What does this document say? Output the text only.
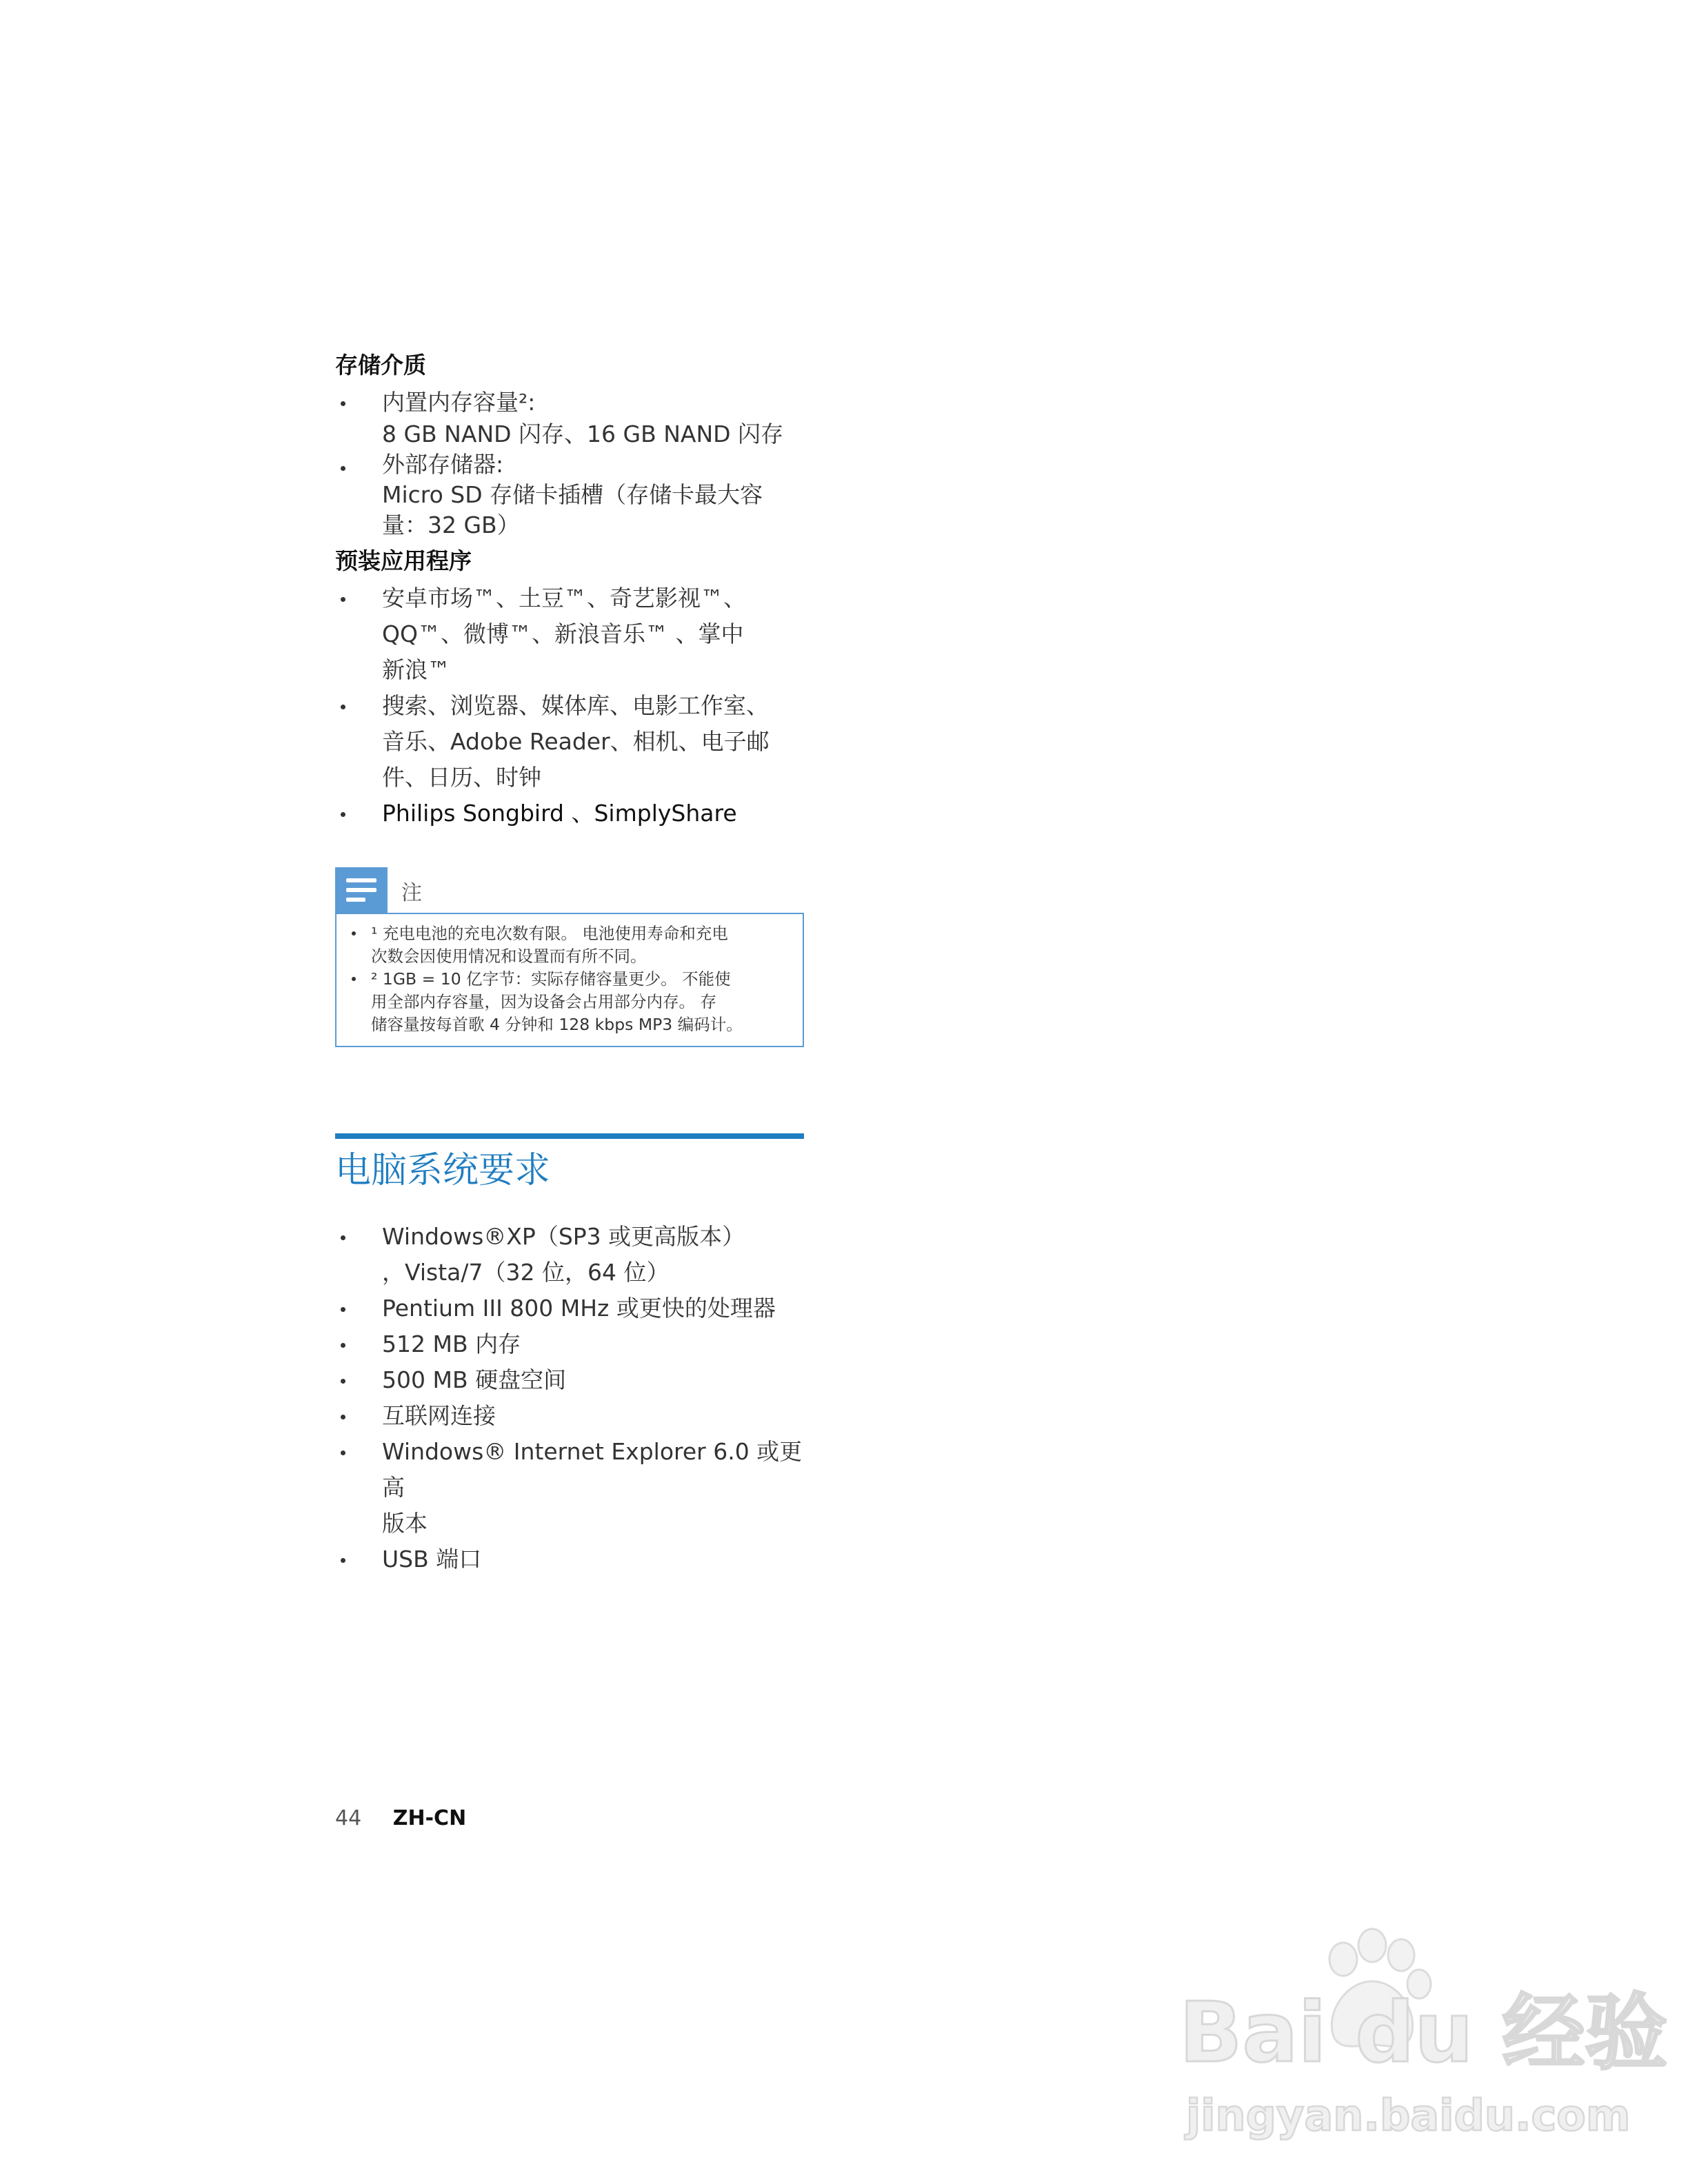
存储介质
内置内存容量²:
8 GB NAND 闪存、16 GB NAND 闪存
外部存储器:
Micro SD 存储卡插槽（存储卡最大容
量：32 GB）
预装应用程序
安卓市场™、土豆™、奇艺影视™、
QQ™、微博™、新浪音乐™ 、掌中
新浪™
搜索、浏览器、媒体库、电影工作室、
音乐、Adobe Reader、相机、电子邮
件、日历、时钟
Philips Songbird 、SimplyShare
注
¹ 充电电池的充电次数有限。 电池使用寿命和充电
次数会因使用情况和设置而有所不同。
² 1GB = 10 亿字节：实际存储容量更少。 不能使
用全部内存容量，因为设备会占用部分内存。 存
储容量按每首歌 4 分钟和 128 kbps MP3 编码计。
电脑系统要求
Windows®XP（SP3 或更高版本）
，Vista/7（32 位，64 位）
Pentium III 800 MHz 或更快的处理器
512 MB 内存
500 MB 硬盘空间
互联网连接
Windows® Internet Explorer 6.0 或更高
版本
USB 端口
44 ZH-CN
Bai du 经验
jingyan.baidu.com
